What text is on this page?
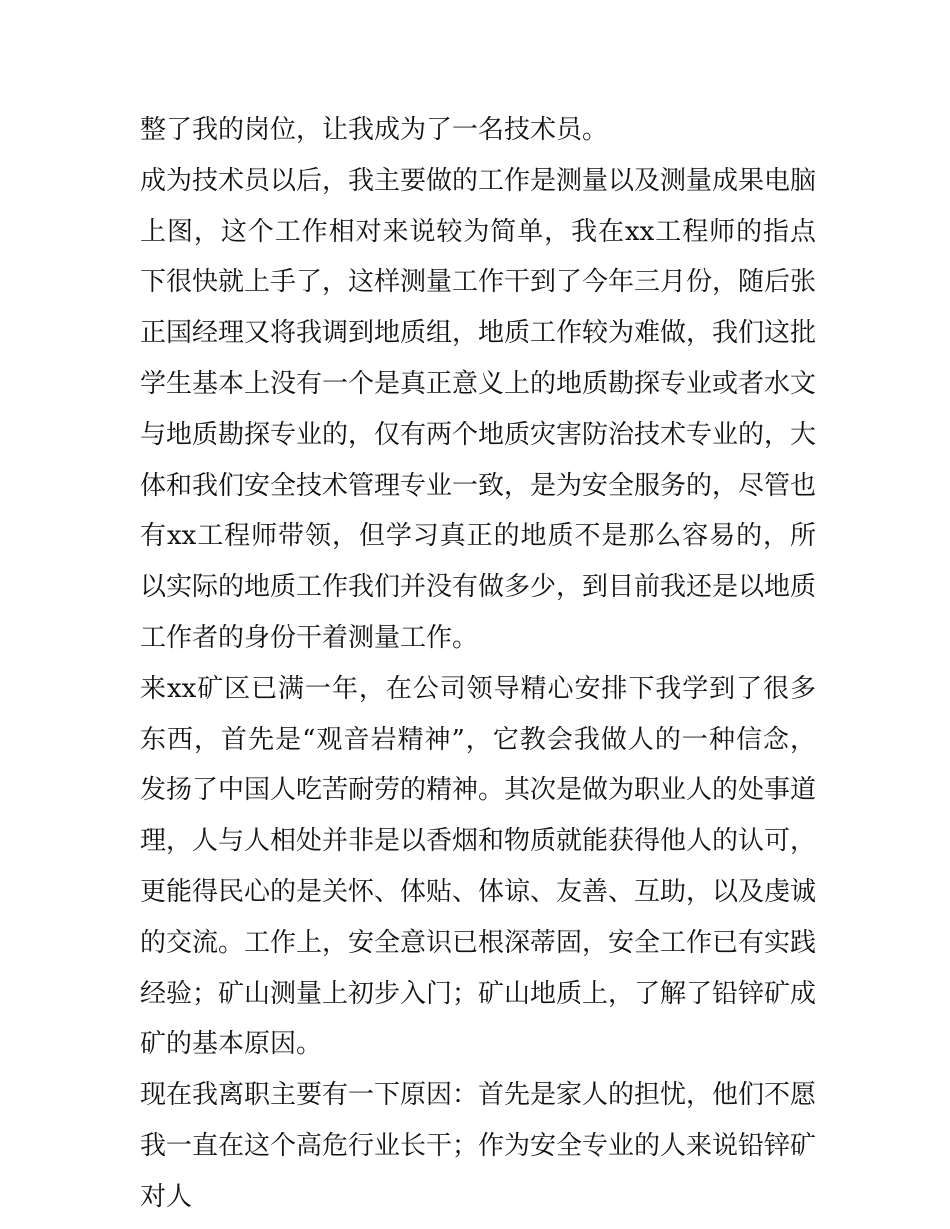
整了我的岗位，让我成为了一名技术员。

成为技术员以后，我主要做的工作是测量以及测量成果电脑上图，这个工作相对来说较为简单，我在xx工程师的指点下很快就上手了，这样测量工作干到了今年三月份，随后张正国经理又将我调到地质组，地质工作较为难做，我们这批学生基本上没有一个是真正意义上的地质勘探专业或者水文与地质勘探专业的，仅有两个地质灾害防治技术专业的，大体和我们安全技术管理专业一致，是为安全服务的，尽管也有xx工程师带领，但学习真正的地质不是那么容易的，所以实际的地质工作我们并没有做多少，到目前我还是以地质工作者的身份干着测量工作。

来xx矿区已满一年，在公司领导精心安排下我学到了很多东西，首先是“观音岩精神”，它教会我做人的一种信念，发扬了中国人吃苦耐劳的精神。其次是做为职业人的处事道理，人与人相处并非是以香烟和物质就能获得他人的认可，更能得民心的是关怀、体贴、体谅、友善、互助，以及虔诚的交流。工作上，安全意识已根深蒂固，安全工作已有实践经验；矿山测量上初步入门；矿山地质上，了解了铅锌矿成矿的基本原因。

现在我离职主要有一下原因：首先是家人的担忧，他们不愿我一直在这个高危行业长干；作为安全专业的人来说铅锌矿对人
